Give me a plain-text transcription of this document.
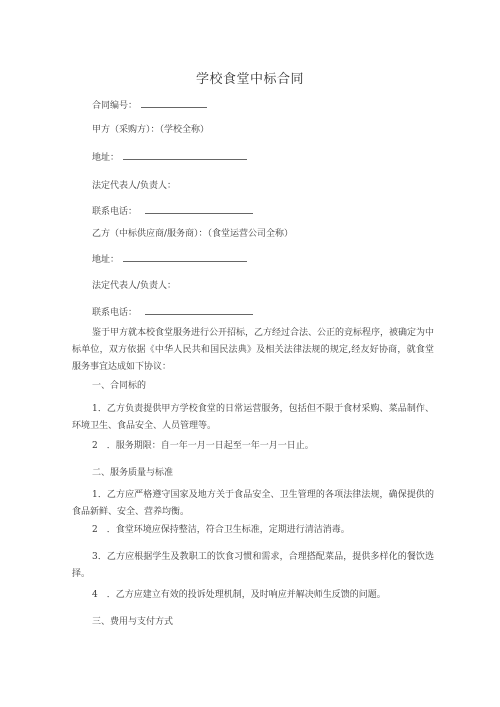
学校食堂中标合同
合同编号：
甲方（采购方）：（学校全称）
地址：
法定代表人/负责人：
联系电话：
乙方（中标供应商/服务商）：（食堂运营公司全称）
地址：
法定代表人/负责人：
联系电话：
鉴于甲方就本校食堂服务进行公开招标，乙方经过合法、公正的竞标程序，被确定为中标单位，双方依据《中华人民共和国民法典》及相关法律法规的规定,经友好协商，就食堂服务事宜达成如下协议：
一、合同标的
1．乙方负责提供甲方学校食堂的日常运营服务，包括但不限于食材采购、菜品制作、环境卫生、食品安全、人员管理等。
2　．服务期限：自一年一月一日起至一年一月一日止。
二、服务质量与标准
1．乙方应严格遵守国家及地方关于食品安全、卫生管理的各项法律法规，确保提供的食品新鲜、安全、营养均衡。
2　．食堂环境应保持整洁，符合卫生标准，定期进行清洁消毒。
3．乙方应根据学生及教职工的饮食习惯和需求，合理搭配菜品，提供多样化的餐饮选择。
4　．乙方应建立有效的投诉处理机制，及时响应并解决师生反馈的问题。
三、费用与支付方式
